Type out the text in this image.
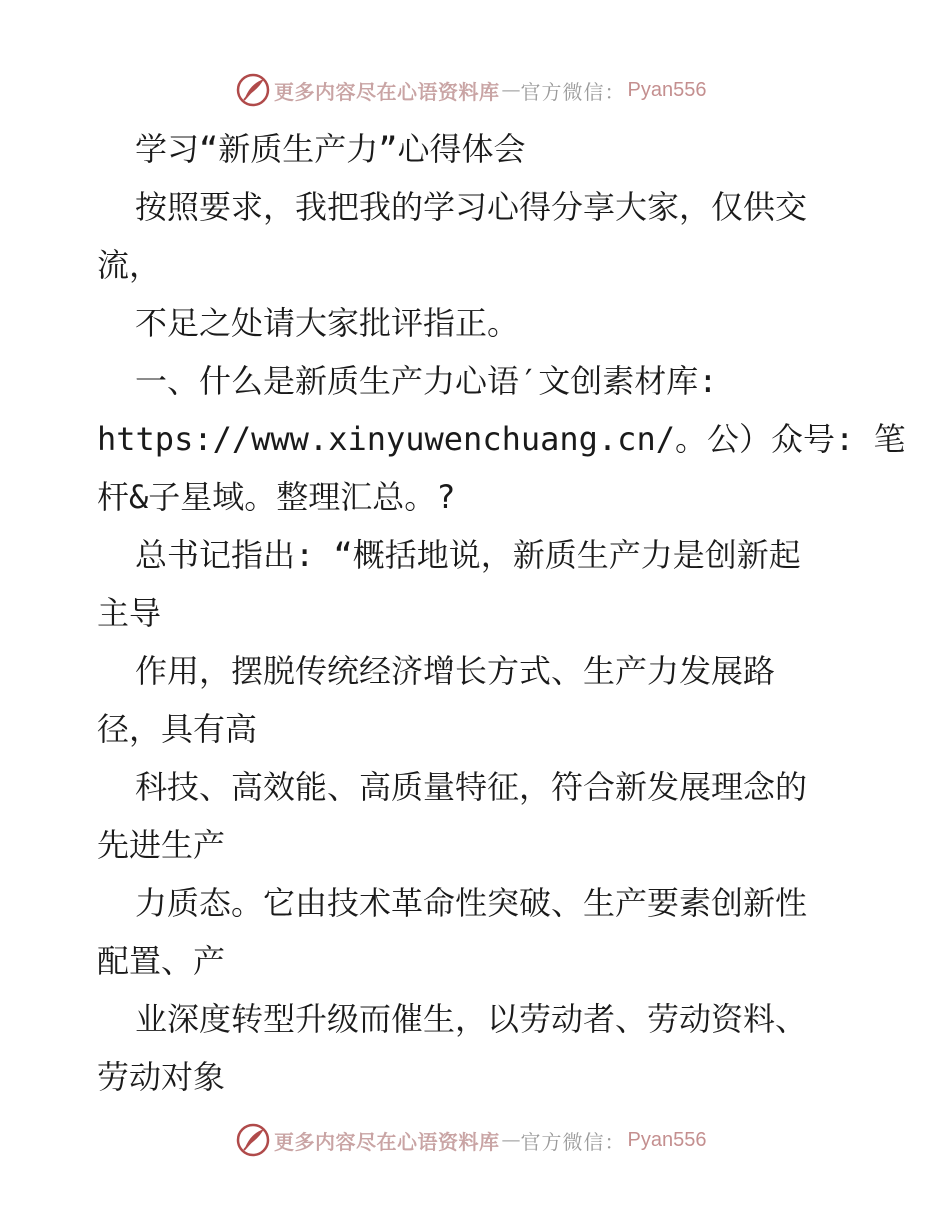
更多内容尽在心语资料库 — 官方微信： Pyan556
学习“新质生产力”心得体会
按照要求，我把我的学习心得分享大家，仅供交
流，
不足之处请大家批评指正。
一、什么是新质生产力心语′文创素材库:
https://www.xinyuwenchuang.cn/。公）众号: 笔
杆&子星域。整理汇总。?
总书记指出: “概括地说，新质生产力是创新起
主导
作用，摆脱传统经济增长方式、生产力发展路
径，具有高
科技、高效能、高质量特征，符合新发展理念的
先进生产
力质态。它由技术革命性突破、生产要素创新性
配置、产
业深度转型升级而催生，以劳动者、劳动资料、
劳动对象
更多内容尽在心语资料库 — 官方微信： Pyan556
